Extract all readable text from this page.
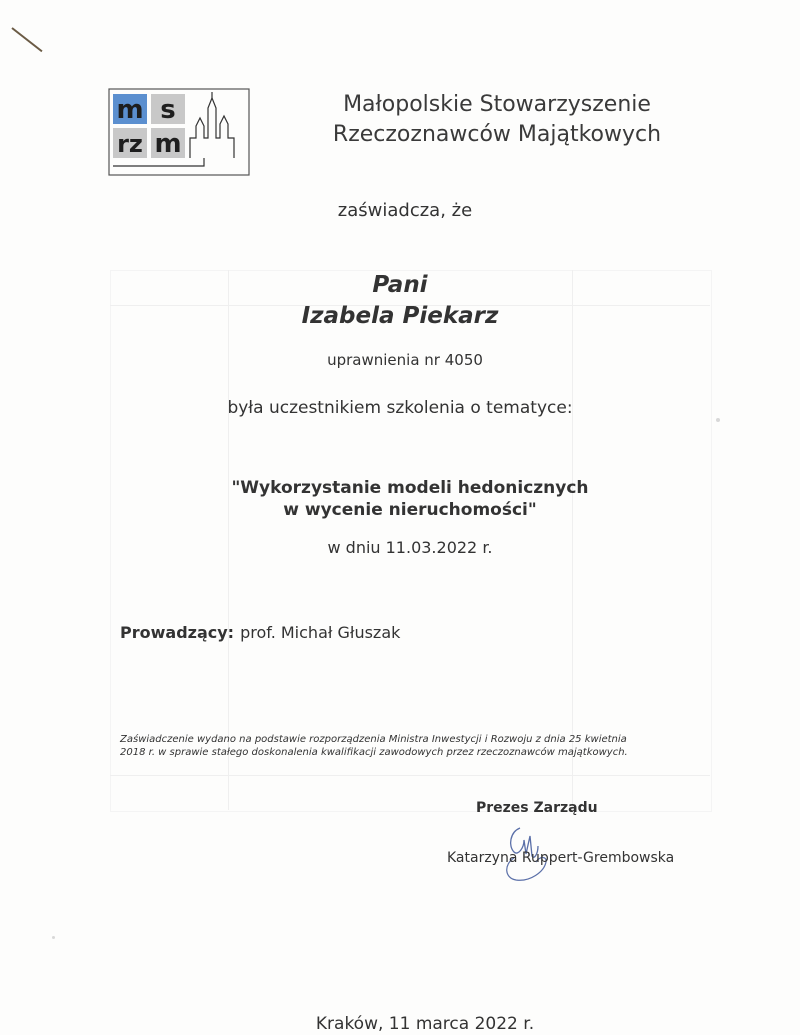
m s
rz m
Małopolskie Stowarzyszenie
Rzeczoznawców Majątkowych
zaświadcza, że
Pani
Izabela Piekarz
uprawnienia nr 4050
była uczestnikiem szkolenia o tematyce:
"Wykorzystanie modeli hedonicznych
w wycenie nieruchomości"
w dniu 11.03.2022 r.
Prowadzący: prof. Michał Głuszak
Zaświadczenie wydano na podstawie rozporządzenia Ministra Inwestycji i Rozwoju z dnia 25 kwietnia
2018 r. w sprawie stałego doskonalenia kwalifikacji zawodowych przez rzeczoznawców majątkowych.
Prezes Zarządu
Katarzyna Ruppert-Grembowska
Kraków, 11 marca 2022 r.
